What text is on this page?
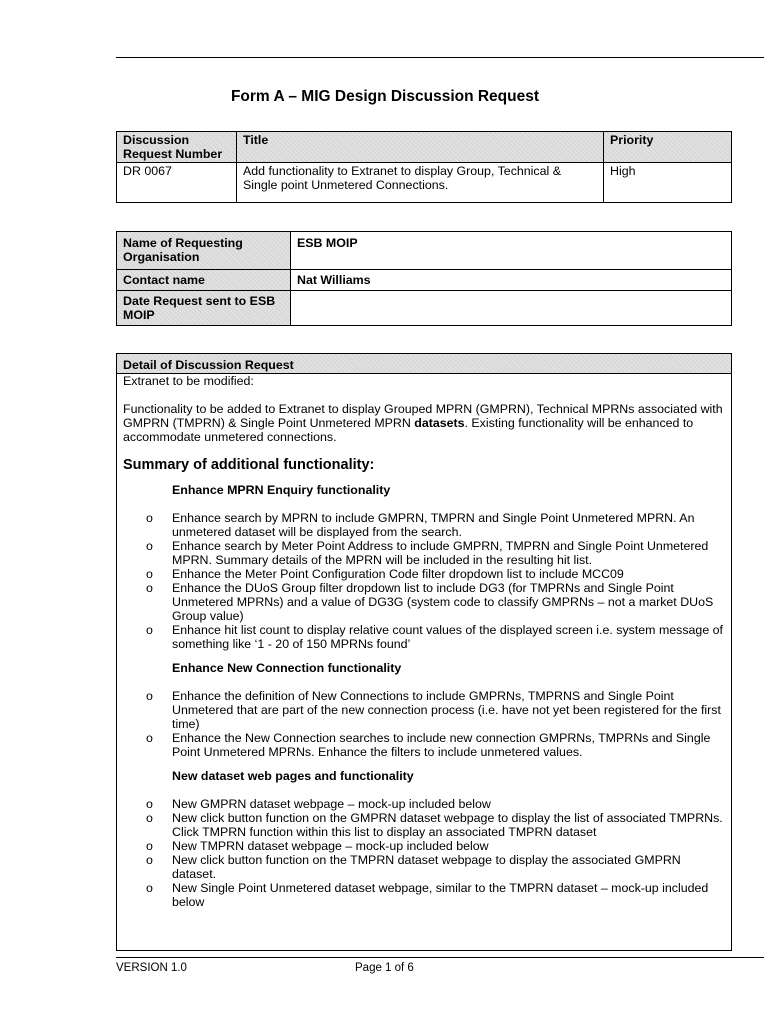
Form A – MIG Design Discussion Request
Discussion Request Number	Title	Priority
DR 0067	Add functionality to Extranet to display Group, Technical & Single point Unmetered Connections.	High
Name of Requesting Organisation	ESB MOIP
Contact name	Nat Williams
Date Request sent to ESB MOIP	
Detail of Discussion Request

Extranet to be modified:

Functionality to be added to Extranet to display Grouped MPRN (GMPRN), Technical MPRNs associated with GMPRN (TMPRN) & Single Point Unmetered MPRN datasets. Existing functionality will be enhanced to accommodate unmetered connections.

Summary of additional functionality:

Enhance MPRN Enquiry functionality

o Enhance search by MPRN to include GMPRN, TMPRN and Single Point Unmetered MPRN. An unmetered dataset will be displayed from the search.
o Enhance search by Meter Point Address to include GMPRN, TMPRN and Single Point Unmetered MPRN. Summary details of the MPRN will be included in the resulting hit list.
o Enhance the Meter Point Configuration Code filter dropdown list to include MCC09
o Enhance the DUoS Group filter dropdown list to include DG3 (for TMPRNs and Single Point Unmetered MPRNs) and a value of DG3G (system code to classify GMPRNs – not a market DUoS Group value)
o Enhance hit list count to display relative count values of the displayed screen i.e. system message of something like ‘1 - 20 of 150 MPRNs found’

Enhance New Connection functionality

o Enhance the definition of New Connections to include GMPRNs, TMPRNS and Single Point Unmetered that are part of the new connection process (i.e. have not yet been registered for the first time)
o Enhance the New Connection searches to include new connection GMPRNs, TMPRNs and Single Point Unmetered MPRNs. Enhance the filters to include unmetered values.

New dataset web pages and functionality

o New GMPRN dataset webpage – mock-up included below
o New click button function on the GMPRN dataset webpage to display the list of associated TMPRNs. Click TMPRN function within this list to display an associated TMPRN dataset
o New TMPRN dataset webpage – mock-up included below
o New click button function on the TMPRN dataset webpage to display the associated GMPRN dataset.
o New Single Point Unmetered dataset webpage, similar to the TMPRN dataset – mock-up included below
VERSION 1.0	Page 1 of 6
